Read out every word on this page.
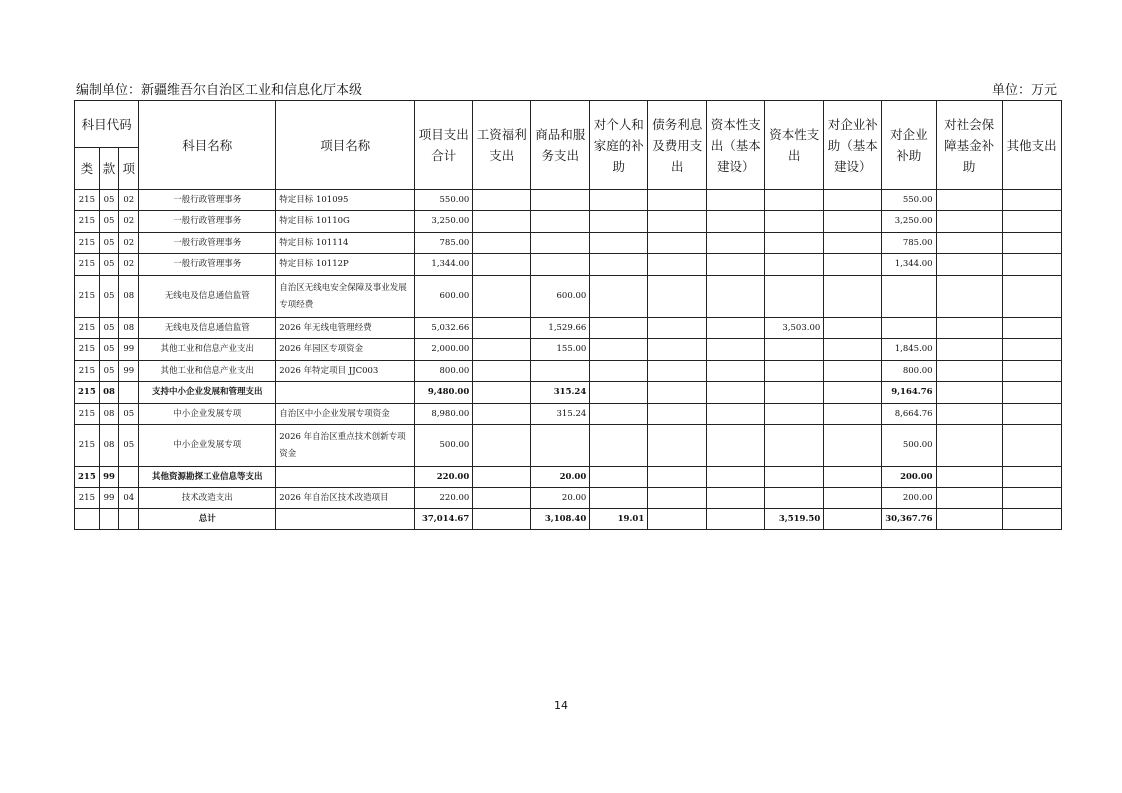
编制单位：新疆维吾尔自治区工业和信息化厅本级	单位：万元
科目代码			科目名称	项目名称	项目支出合计	工资福利支出	商品和服务支出	对个人和家庭的补助	债务利息及费用支出	资本性支出（基本建设）	资本性支出	对企业补助（基本建设）	对企业补助	对社会保障基金补助	其他支出
类	款	项													
215	05	02	一般行政管理事务	特定目标 101095	550.00								550.00		
215	05	02	一般行政管理事务	特定目标 10110G	3,250.00								3,250.00		
215	05	02	一般行政管理事务	特定目标 101114	785.00								785.00		
215	05	02	一般行政管理事务	特定目标 10112P	1,344.00								1,344.00		
215	05	08	无线电及信息通信监管	自治区无线电安全保障及事业发展专项经费	600.00		600.00								
215	05	08	无线电及信息通信监管	2026 年无线电管理经费	5,032.66		1,529.66				3,503.00				
215	05	99	其他工业和信息产业支出	2026 年园区专项资金	2,000.00		155.00						1,845.00		
215	05	99	其他工业和信息产业支出	2026 年特定项目 JJC003	800.00								800.00		
215	08		支持中小企业发展和管理支出		9,480.00		315.24						9,164.76		
215	08	05	中小企业发展专项	自治区中小企业发展专项资金	8,980.00		315.24						8,664.76		
215	08	05	中小企业发展专项	2026 年自治区重点技术创新专项资金	500.00								500.00		
215	99		其他资源勘探工业信息等支出		220.00		20.00						200.00		
215	99	04	技术改造支出	2026 年自治区技术改造项目	220.00		20.00						200.00		
			总计		37,014.67		3,108.40	19.01			3,519.50		30,367.76		
14
